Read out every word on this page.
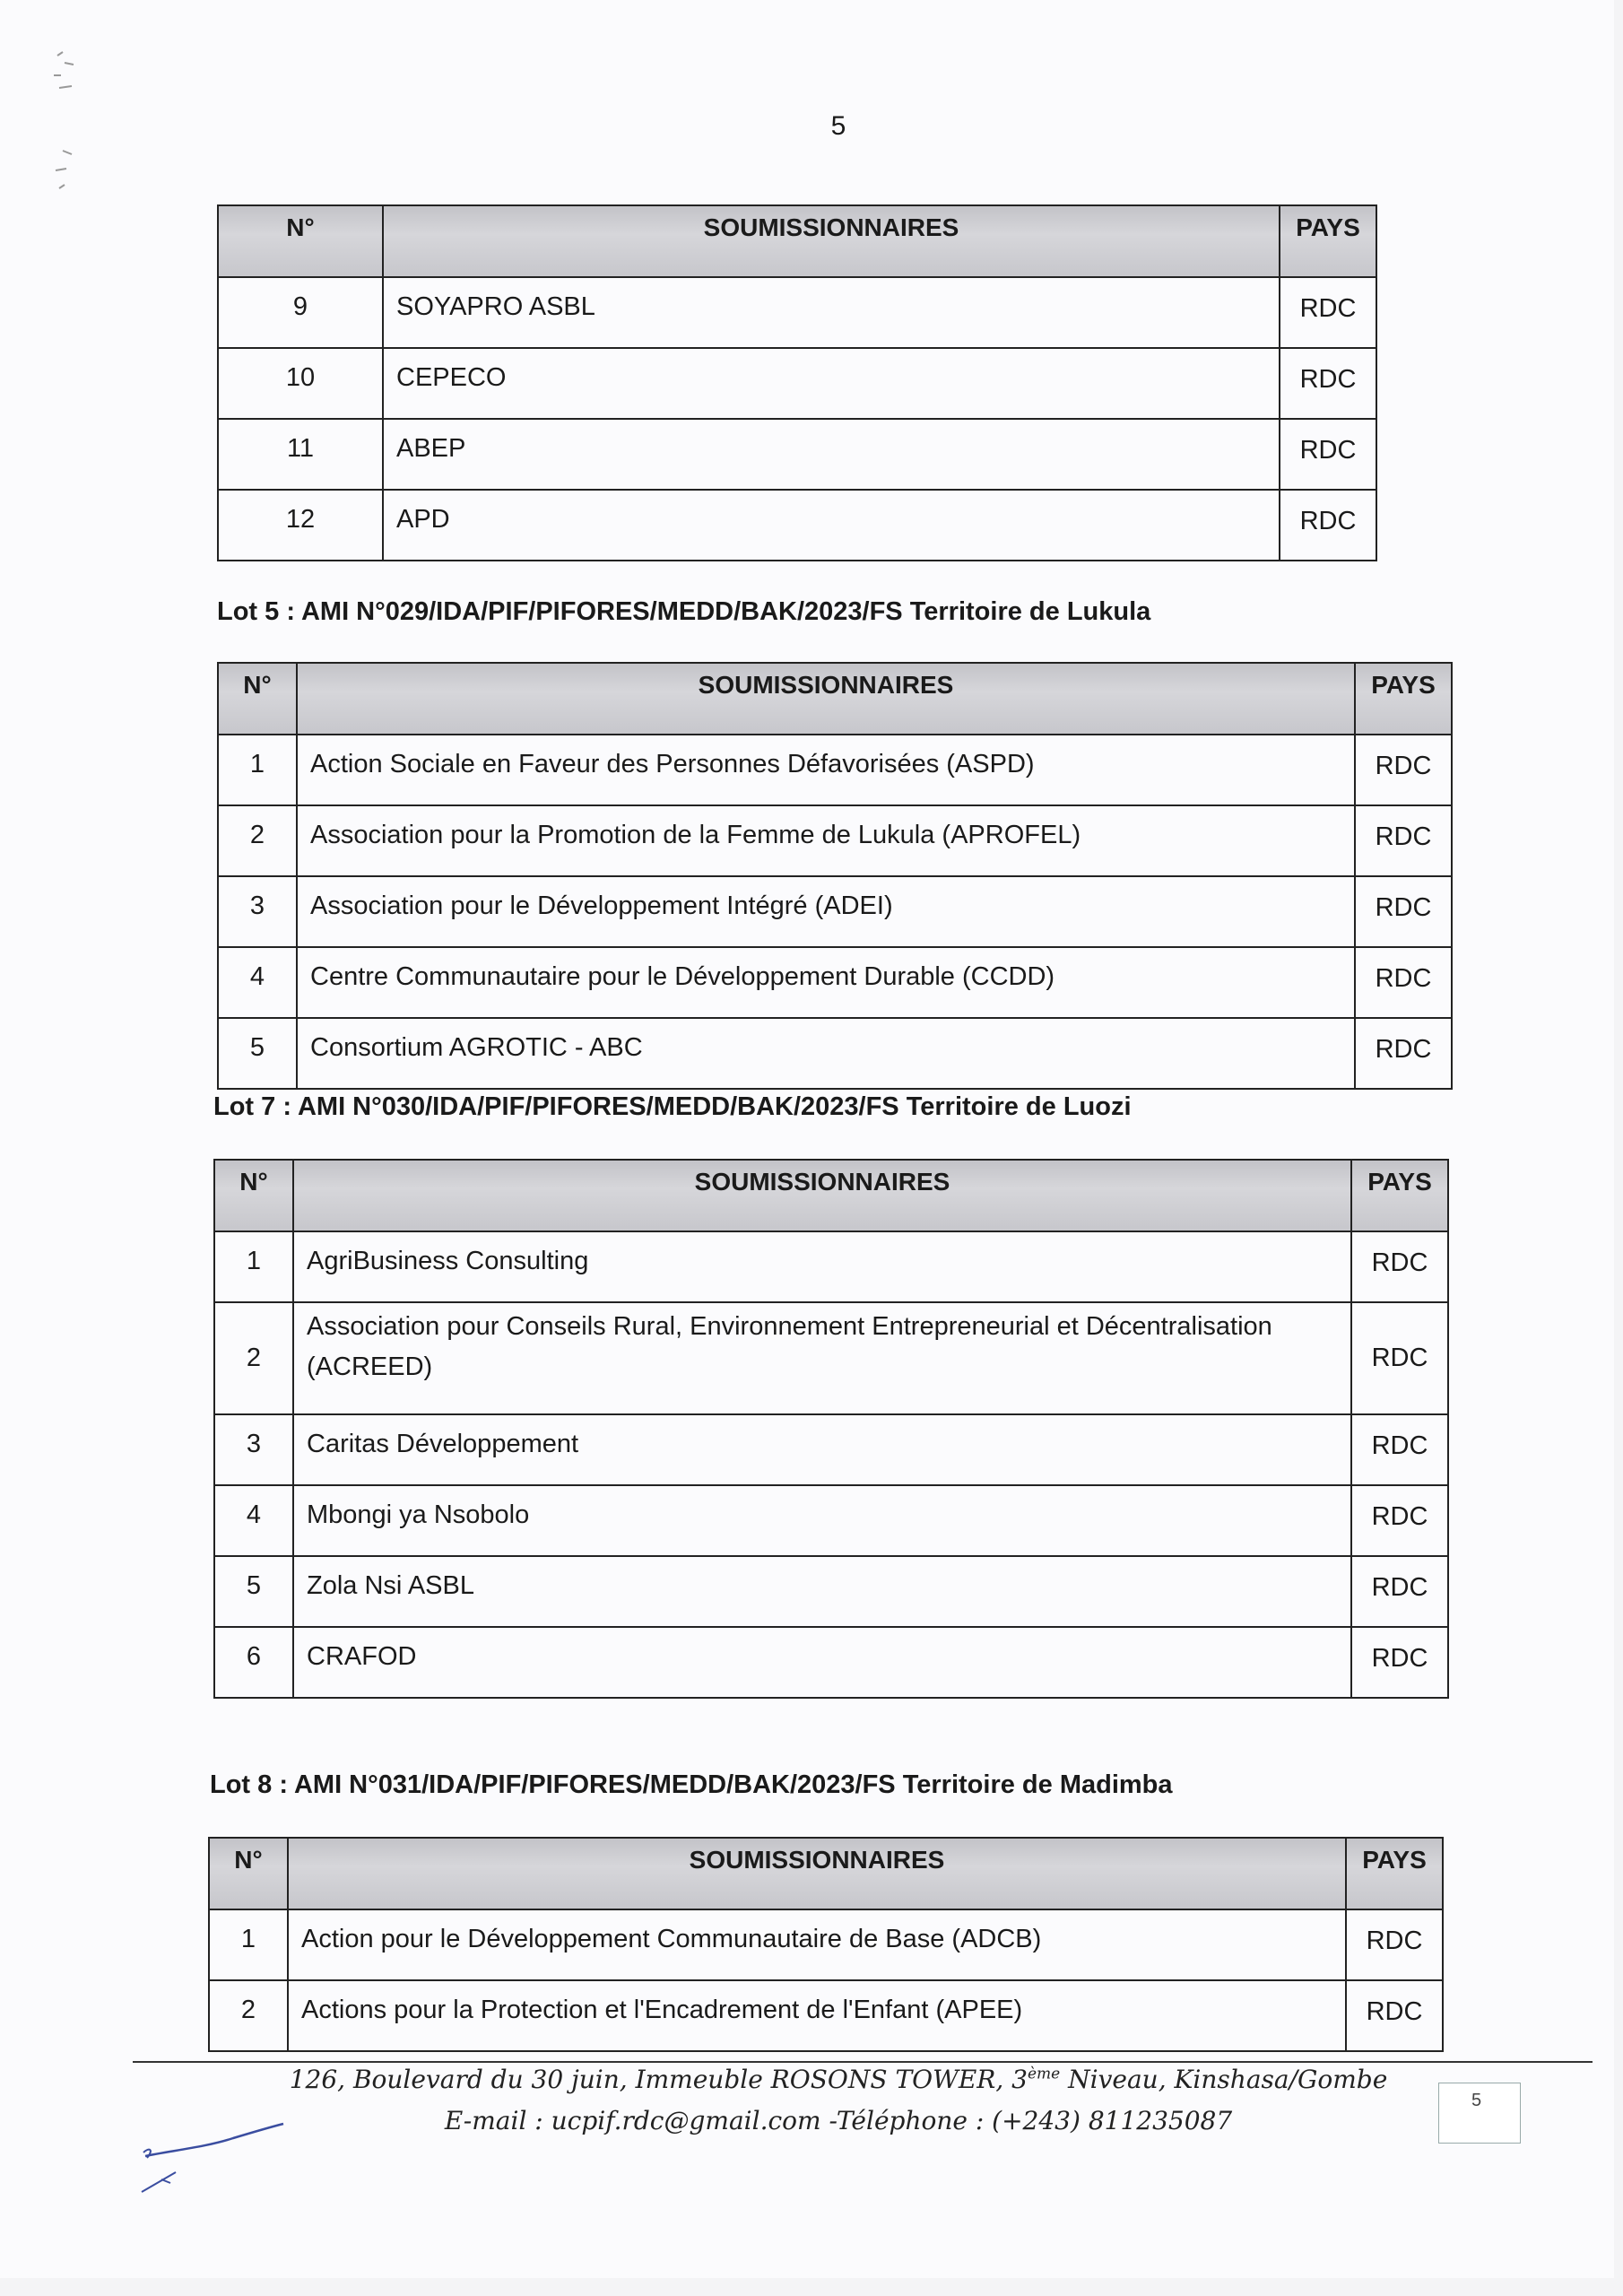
5
N°	SOUMISSIONNAIRES	PAYS
9	SOYAPRO ASBL	RDC
10	CEPECO	RDC
11	ABEP	RDC
12	APD	RDC
Lot 5 : AMI N°029/IDA/PIF/PIFORES/MEDD/BAK/2023/FS Territoire de Lukula
N°	SOUMISSIONNAIRES	PAYS
1	Action Sociale en Faveur des Personnes Défavorisées (ASPD)	RDC
2	Association pour la Promotion de la Femme de Lukula (APROFEL)	RDC
3	Association pour le Développement Intégré (ADEI)	RDC
4	Centre Communautaire pour le Développement Durable (CCDD)	RDC
5	Consortium AGROTIC - ABC	RDC
Lot 7 : AMI N°030/IDA/PIF/PIFORES/MEDD/BAK/2023/FS Territoire de Luozi
N°	SOUMISSIONNAIRES	PAYS
1	AgriBusiness Consulting	RDC
2	Association pour Conseils Rural, Environnement Entrepreneurial et Décentralisation (ACREED)	RDC
3	Caritas Développement	RDC
4	Mbongi ya Nsobolo	RDC
5	Zola Nsi ASBL	RDC
6	CRAFOD	RDC
Lot 8 : AMI N°031/IDA/PIF/PIFORES/MEDD/BAK/2023/FS Territoire de Madimba
N°	SOUMISSIONNAIRES	PAYS
1	Action pour le Développement Communautaire de Base (ADCB)	RDC
2	Actions pour la Protection et l'Encadrement de l'Enfant (APEE)	RDC
126, Boulevard du 30 juin, Immeuble ROSONS TOWER, 3ème Niveau, Kinshasa/Gombe
E-mail : ucpif.rdc@gmail.com -Téléphone : (+243) 811235087
5
